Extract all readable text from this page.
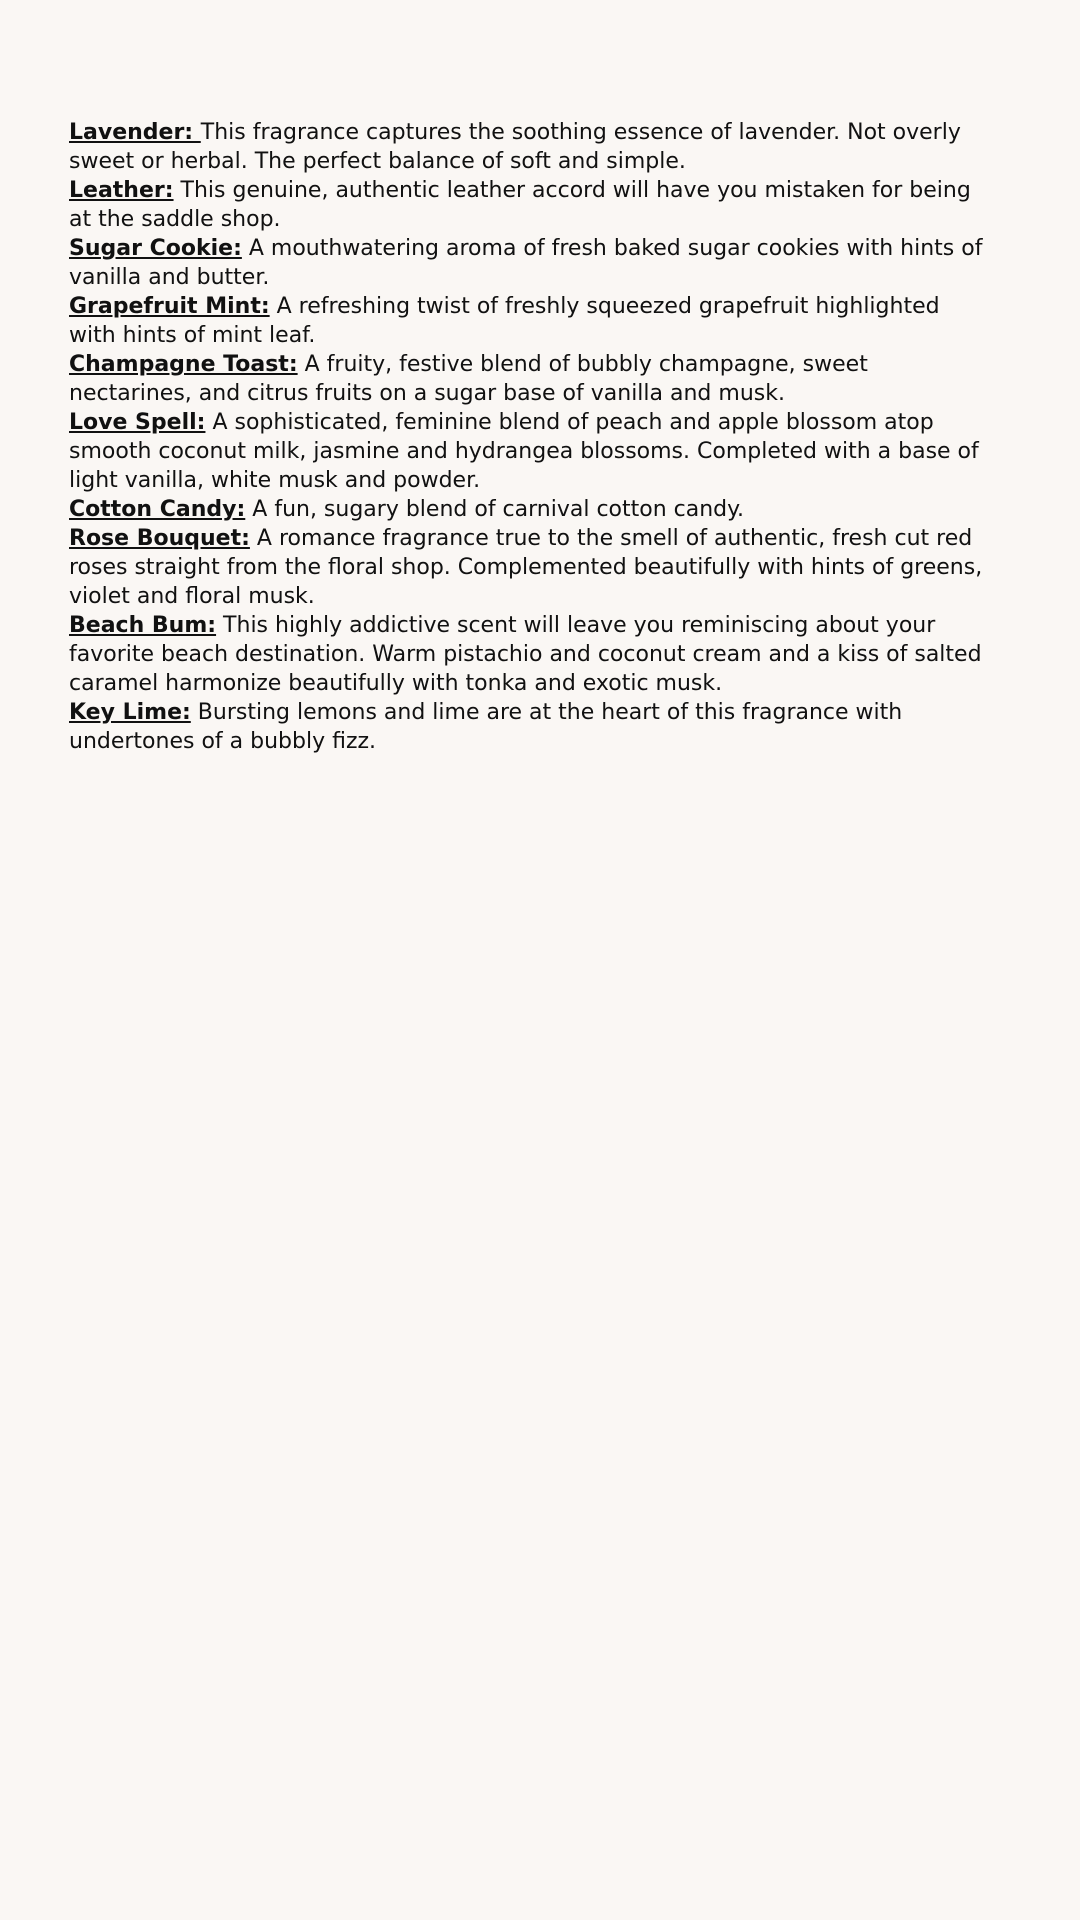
Lavender: This fragrance captures the soothing essence of lavender. Not overly sweet or herbal. The perfect balance of soft and simple.

Leather: This genuine, authentic leather accord will have you mistaken for being at the saddle shop.

Sugar Cookie: A mouthwatering aroma of fresh baked sugar cookies with hints of vanilla and butter.

Grapefruit Mint: A refreshing twist of freshly squeezed grapefruit highlighted with hints of mint leaf.

Champagne Toast: A fruity, festive blend of bubbly champagne, sweet nectarines, and citrus fruits on a sugar base of vanilla and musk.

Love Spell: A sophisticated, feminine blend of peach and apple blossom atop smooth coconut milk, jasmine and hydrangea blossoms. Completed with a base of light vanilla, white musk and powder.

Cotton Candy: A fun, sugary blend of carnival cotton candy.

Rose Bouquet: A romance fragrance true to the smell of authentic, fresh cut red roses straight from the floral shop. Complemented beautifully with hints of greens, violet and floral musk.

Beach Bum: This highly addictive scent will leave you reminiscing about your favorite beach destination. Warm pistachio and coconut cream and a kiss of salted caramel harmonize beautifully with tonka and exotic musk.

Key Lime: Bursting lemons and lime are at the heart of this fragrance with undertones of a bubbly fizz.
